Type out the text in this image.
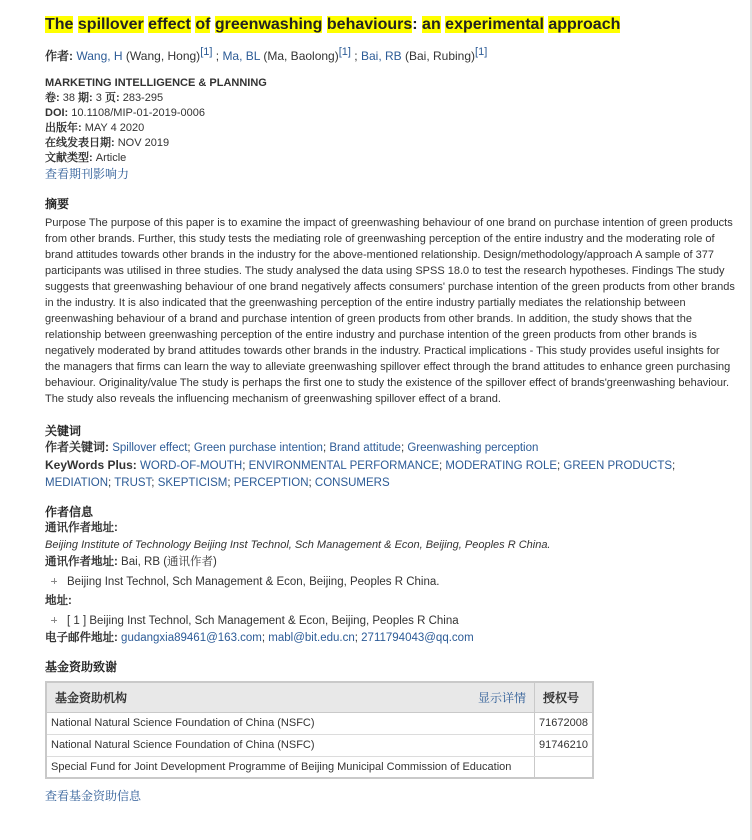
The spillover effect of greenwashing behaviours: an experimental approach
作者: Wang, H (Wang, Hong)[1] ; Ma, BL (Ma, Baolong)[1] ; Bai, RB (Bai, Rubing)[1]
MARKETING INTELLIGENCE & PLANNING
卷: 38 期: 3 页: 283-295
DOI: 10.1108/MIP-01-2019-0006
出版年: MAY 4 2020
在线发表日期: NOV 2019
文献类型: Article
查看期刊影响力
摘要
Purpose The purpose of this paper is to examine the impact of greenwashing behaviour of one brand on purchase intention of green products from other brands. Further, this study tests the mediating role of greenwashing perception of the entire industry and the moderating role of brand attitudes towards other brands in the industry for the above-mentioned relationship. Design/methodology/approach A sample of 377 participants was utilised in three studies. The study analysed the data using SPSS 18.0 to test the research hypotheses. Findings The study suggests that greenwashing behaviour of one brand negatively affects consumers' purchase intention of the green products from other brands in the industry. It is also indicated that the greenwashing perception of the entire industry partially mediates the relationship between greenwashing behaviour of a brand and purchase intention of green products from other brands. In addition, the study shows that the relationship between greenwashing perception of the entire industry and purchase intention of the green products from other brands is negatively moderated by brand attitudes towards other brands in the industry. Practical implications - This study provides useful insights for the managers that firms can learn the way to alleviate greenwashing spillover effect through the brand attitudes to enhance green purchasing behaviour. Originality/value The study is perhaps the first one to study the existence of the spillover effect of brands'greenwashing behaviour. The study also reveals the influencing mechanism of greenwashing spillover effect of a brand.
关键词
作者关键词: Spillover effect; Green purchase intention; Brand attitude; Greenwashing perception
KeyWords Plus: WORD-OF-MOUTH; ENVIRONMENTAL PERFORMANCE; MODERATING ROLE; GREEN PRODUCTS; MEDIATION; TRUST; SKEPTICISM; PERCEPTION; CONSUMERS
作者信息
通讯作者地址:
Beijing Institute of Technology Beijing Inst Technol, Sch Management & Econ, Beijing, Peoples R China.
通讯作者地址: Bai, RB (通讯作者)
Beijing Inst Technol, Sch Management & Econ, Beijing, Peoples R China.
地址:
[ 1 ] Beijing Inst Technol, Sch Management & Econ, Beijing, Peoples R China
电子邮件地址: gudangxia89461@163.com; mabl@bit.edu.cn; 2711794043@qq.com
基金资助致谢
基金资助机构 显示详情	授权号
National Natural Science Foundation of China (NSFC)	71672008
National Natural Science Foundation of China (NSFC)	91746210
Special Fund for Joint Development Programme of Beijing Municipal Commission of Education	
查看基金资助信息
